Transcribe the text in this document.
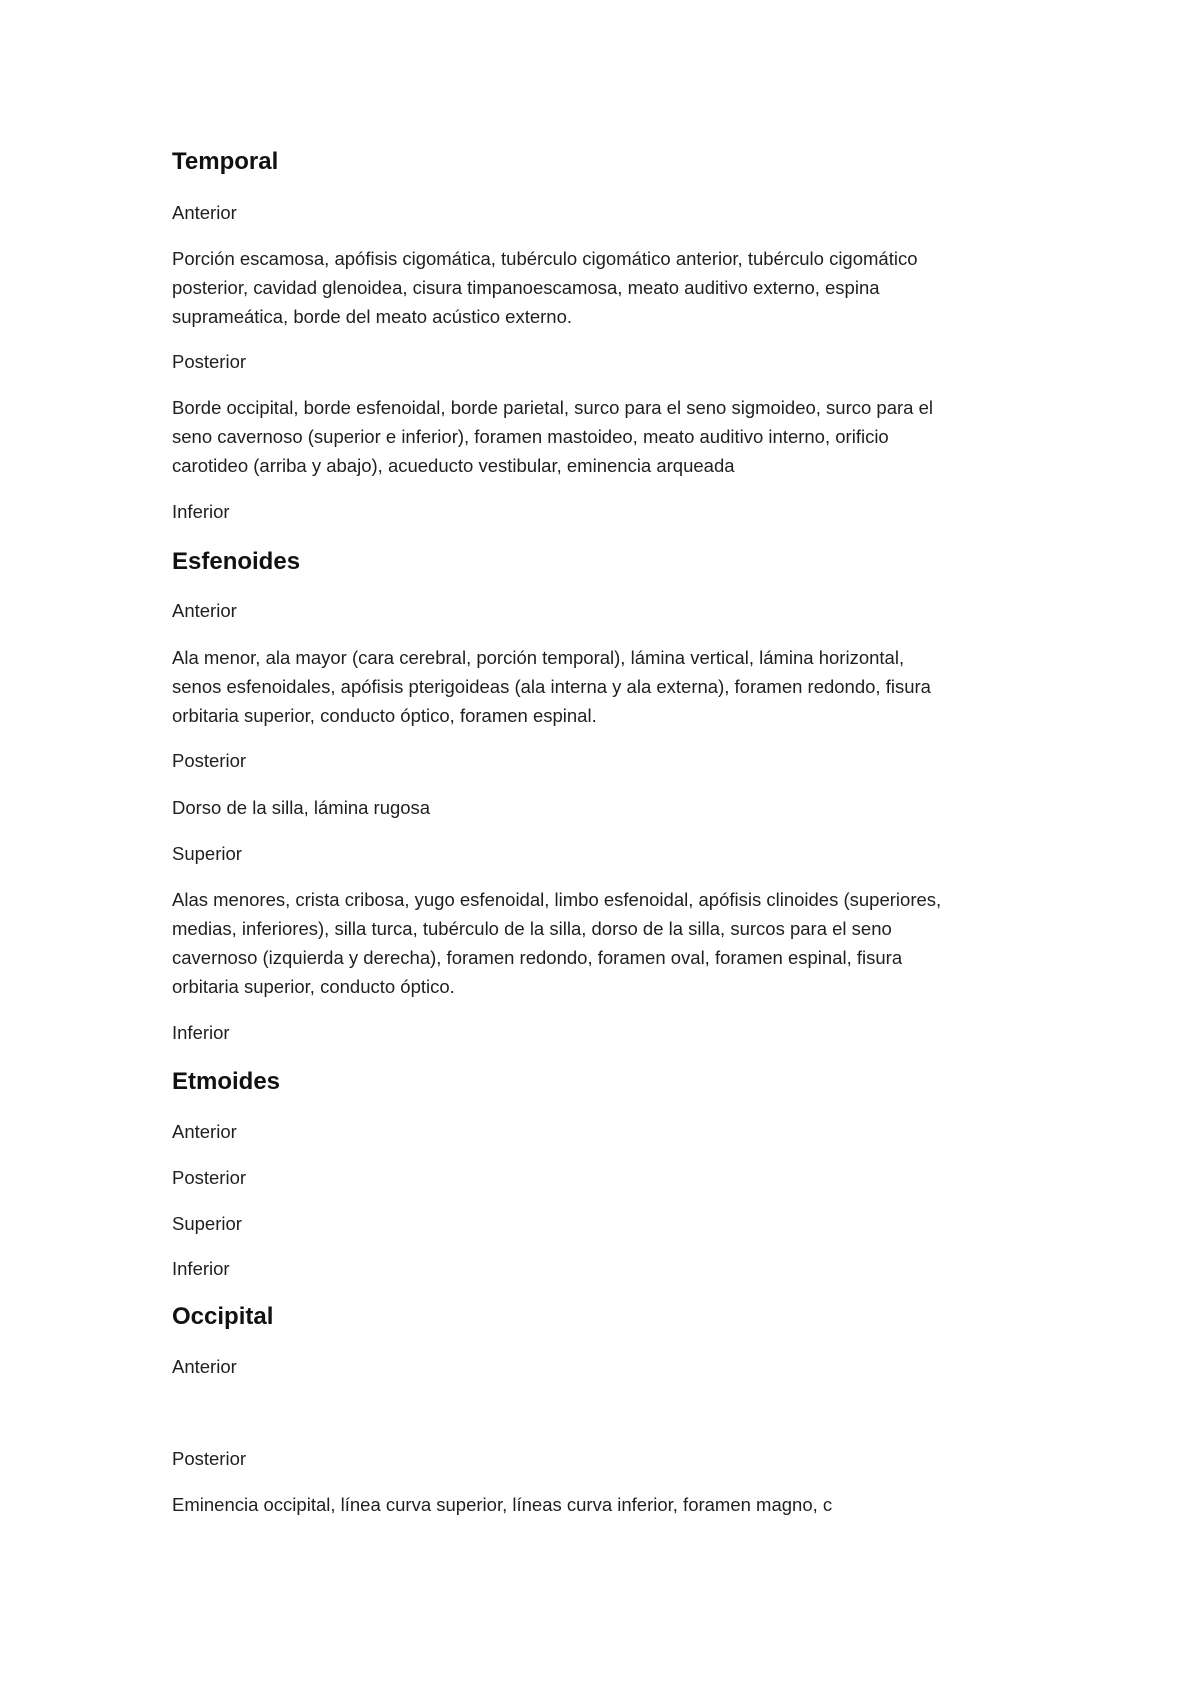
Temporal
Anterior
Porción escamosa, apófisis cigomática, tubérculo cigomático anterior, tubérculo cigomático
posterior, cavidad glenoidea, cisura timpanoescamosa, meato auditivo externo, espina
suprameática, borde del meato acústico externo.
Posterior
Borde occipital, borde esfenoidal, borde parietal, surco para el seno sigmoideo, surco para el
seno cavernoso (superior e inferior), foramen mastoideo, meato auditivo interno, orificio
carotideo (arriba y abajo), acueducto vestibular, eminencia arqueada
Inferior
Esfenoides
Anterior
Ala menor, ala mayor (cara cerebral, porción temporal), lámina vertical, lámina horizontal,
senos esfenoidales, apófisis pterigoideas (ala interna y ala externa), foramen redondo, fisura
orbitaria superior, conducto óptico, foramen espinal.
Posterior
Dorso de la silla, lámina rugosa
Superior
Alas menores, crista cribosa, yugo esfenoidal, limbo esfenoidal, apófisis clinoides (superiores,
medias, inferiores), silla turca, tubérculo de la silla, dorso de la silla, surcos para el seno
cavernoso (izquierda y derecha), foramen redondo, foramen oval, foramen espinal, fisura
orbitaria superior, conducto óptico.
Inferior
Etmoides
Anterior
Posterior
Superior
Inferior
Occipital
Anterior
Posterior
Eminencia occipital, línea curva superior, líneas curva inferior, foramen magno, c
